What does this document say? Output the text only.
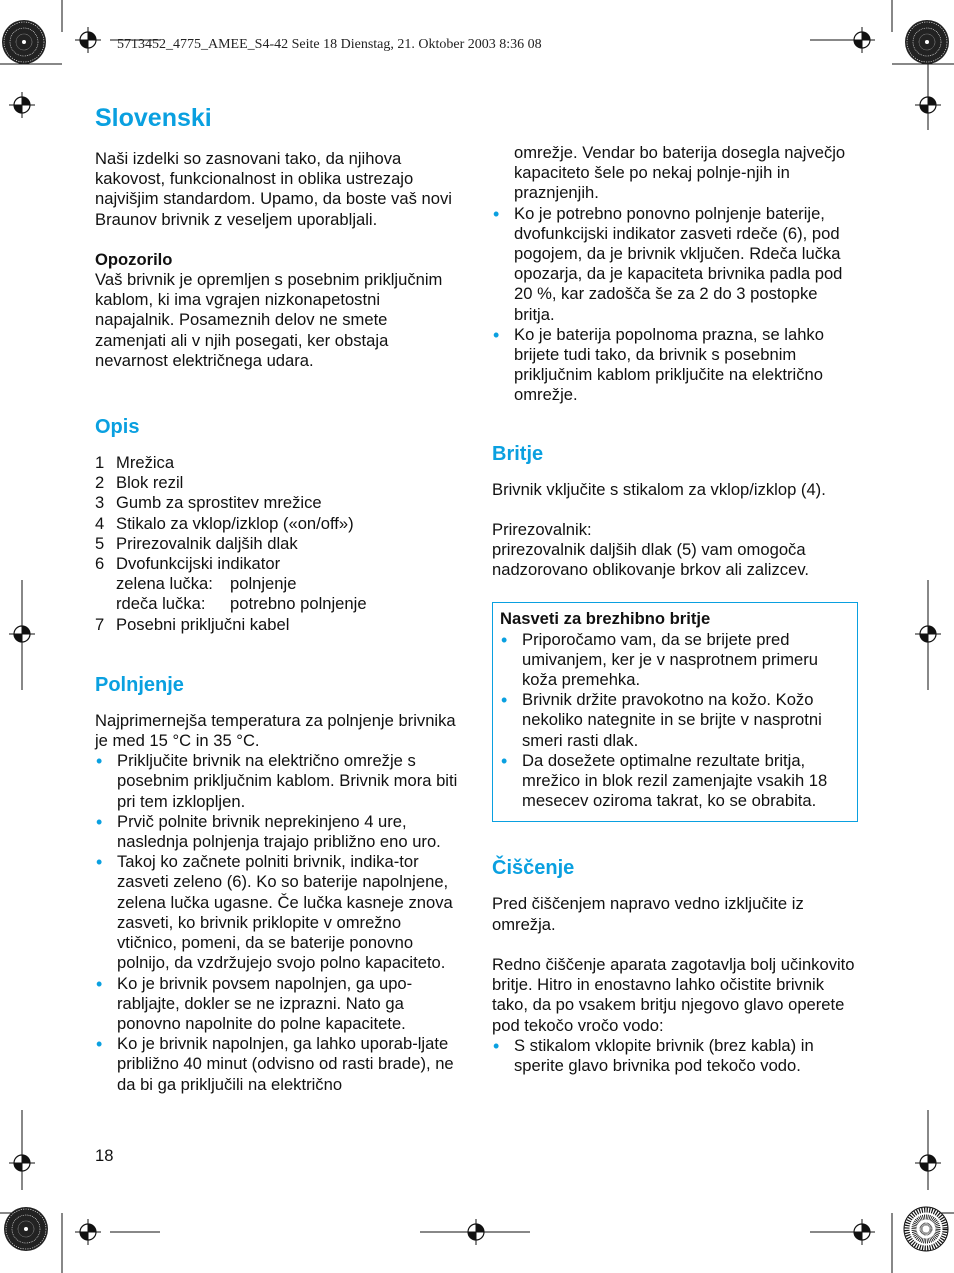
5713452_4775_AMEE_S4-42 Seite 18 Dienstag, 21. Oktober 2003 8:36 08
Slovenski

Naši izdelki so zasnovani tako, da njihova kakovost, funkcionalnost in oblika ustrezajo najvišjim standardom. Upamo, da boste vaš novi Braunov brivnik z veseljem uporabljali.

Opozorilo

Vaš brivnik je opremljen s posebnim priključnim kablom, ki ima vgrajen nizkonapetostni napajalnik. Posameznih delov ne smete zamenjati ali v njih posegati, ker obstaja nevarnost električnega udara.

Opis
1 Mrežica
2 Blok rezil
3 Gumb za sprostitev mrežice
4 Stikalo za vklop/izklop («on/off»)
5 Prirezovalnik daljših dlak
6 Dvofunkcijski indikator
zelena lučka:	polnjenje
rdeča lučka:	potrebno polnjenje
7 Posebni priključni kabel
Polnjenje

Najprimernejša temperatura za polnjenje brivnika je med 15 °C in 35 °C.

• Priključite brivnik na električno omrežje s posebnim priključnim kablom. Brivnik mora biti pri tem izklopljen.
• Prvič polnite brivnik neprekinjeno 4 ure, naslednja polnjenja trajajo približno eno uro.
• Takoj ko začnete polniti brivnik, indika-tor zasveti zeleno (6). Ko so baterije napolnjene, zelena lučka ugasne. Če lučka kasneje znova zasveti, ko brivnik priklopite v omrežno vtičnico, pomeni, da se baterije ponovno polnijo, da vzdržujejo svojo polno kapaciteto.
• Ko je brivnik povsem napolnjen, ga upo-rabljajte, dokler se ne izprazni. Nato ga ponovno napolnite do polne kapacitete.
• Ko je brivnik napolnjen, ga lahko uporab-ljate približno 40 minut (odvisno od rasti brade), ne da bi ga priključili na električno

omrežje. Vendar bo baterija dosegla največjo kapaciteto šele po nekaj polnje-njih in praznjenjih.

• Ko je potrebno ponovno polnjenje baterije, dvofunkcijski indikator zasveti rdeče (6), pod pogojem, da je brivnik vključen. Rdeča lučka opozarja, da je kapaciteta brivnika padla pod 20 %, kar zadošča še za 2 do 3 postopke britja.
• Ko je baterija popolnoma prazna, se lahko brijete tudi tako, da brivnik s posebnim priključnim kablom priključite na električno omrežje.
Britje

Brivnik vključite s stikalom za vklop/izklop (4).

Prirezovalnik:

prirezovalnik daljših dlak (5) vam omogoča nadzorovano oblikovanje brkov ali zalizcev.

Nasveti za brezhibno britje

• Priporočamo vam, da se brijete pred umivanjem, ker je v nasprotnem primeru koža premehka.
• Brivnik držite pravokotno na kožo. Kožo nekoliko nategnite in se brijte v nasprotni smeri rasti dlak.
• Da dosežete optimalne rezultate britja, mrežico in blok rezil zamenjajte vsakih 18 mesecev oziroma takrat, ko se obrabita.
Čiščenje

Pred čiščenjem napravo vedno izključite iz omrežja.

Redno čiščenje aparata zagotavlja bolj učinkovito britje. Hitro in enostavno lahko očistite brivnik tako, da po vsakem britju njegovo glavo operete pod tekočo vročo vodo:

• S stikalom vklopite brivnik (brez kabla) in sperite glavo brivnika pod tekočo vodo.
18
